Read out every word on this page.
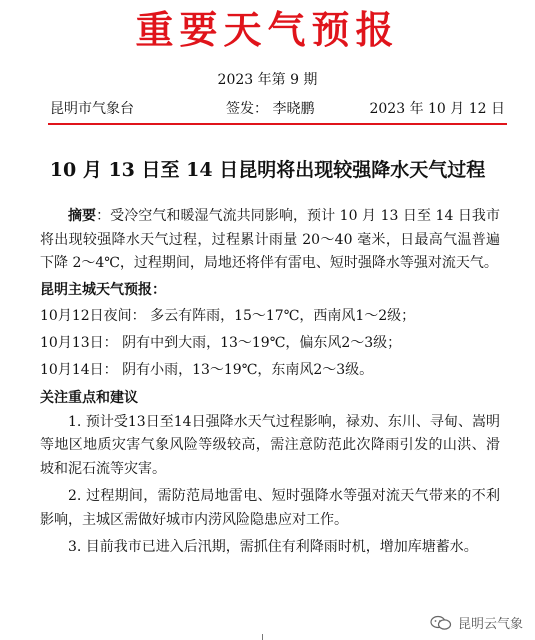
重要天气预报
2023 年第 9 期
昆明市气象台	签发： 李晓鹏	2023 年 10 月 12 日
10 月 13 日至 14 日昆明将出现较强降水天气过程

摘要：受冷空气和暖湿气流共同影响，预计 10 月 13 日至 14 日我市将出现较强降水天气过程，过程累计雨量 20～40 毫米，日最高气温普遍下降 2～4℃，过程期间，局地还将伴有雷电、短时强降水等强对流天气。

昆明主城天气预报：

10月12日夜间： 多云有阵雨，15～17℃，西南风1～2级；

10月13日： 阴有中到大雨，13～19℃，偏东风2～3级；

10月14日： 阴有小雨，13～19℃，东南风2～3级。

关注重点和建议

1. 预计受13日至14日强降水天气过程影响，禄劝、东川、寻甸、嵩明等地区地质灾害气象风险等级较高，需注意防范此次降雨引发的山洪、滑坡和泥石流等灾害。

2. 过程期间，需防范局地雷电、短时强降水等强对流天气带来的不利影响，主城区需做好城市内涝风险隐患应对工作。

3. 目前我市已进入后汛期，需抓住有利降雨时机，增加库塘蓄水。

昆明云气象
